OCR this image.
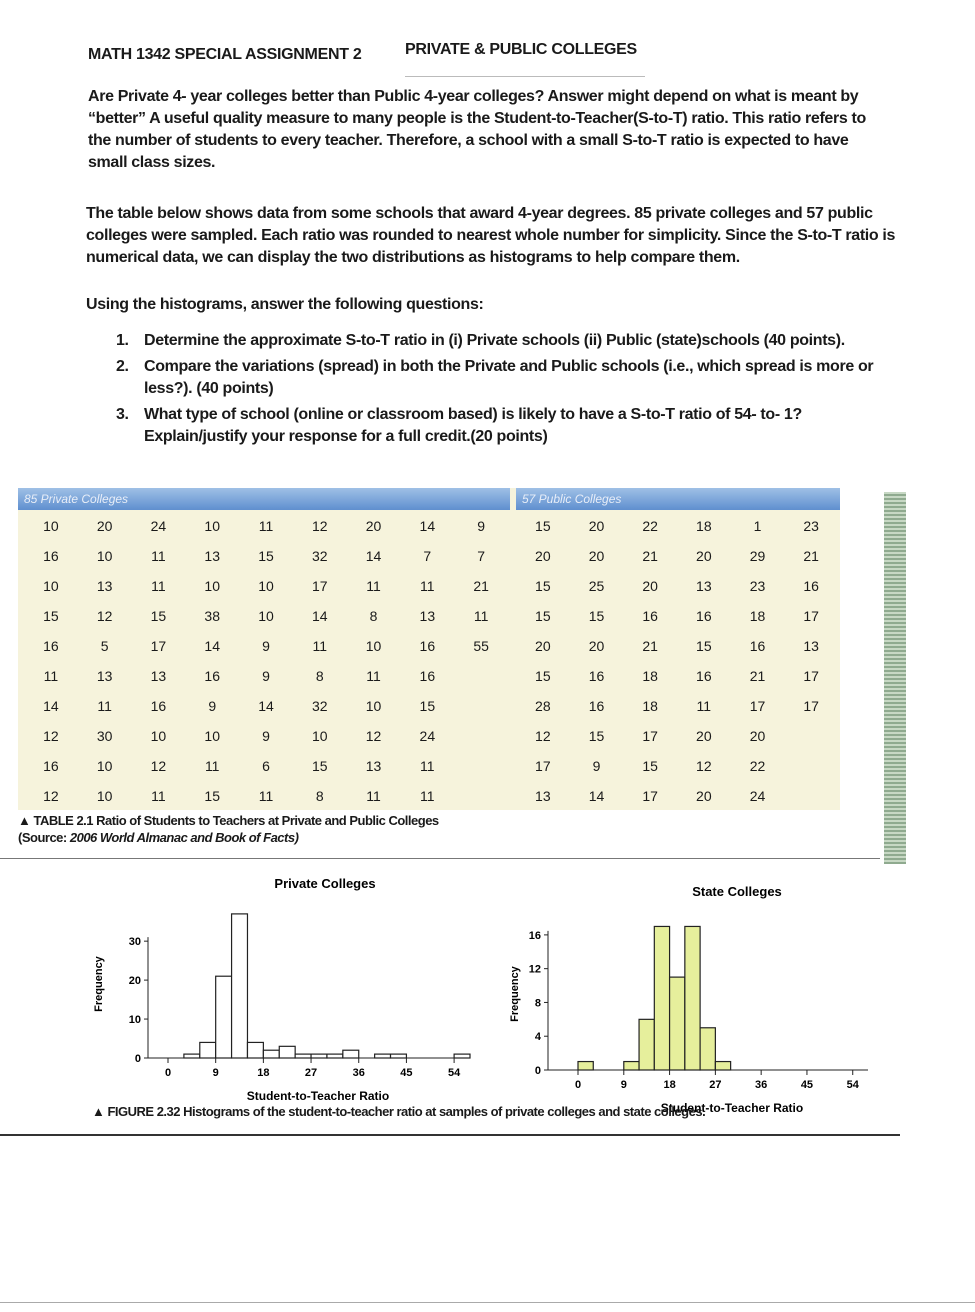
MATH 1342 SPECIAL ASSIGNMENT 2	PRIVATE & PUBLIC COLLEGES
Are Private 4- year colleges better than Public 4-year colleges? Answer might depend on what is meant by “better” A useful quality measure to many people is the Student-to-Teacher(S-to-T) ratio. This ratio refers to the number of students to every teacher. Therefore, a school with a small S-to-T ratio is expected to have small class sizes.
The table below shows data from some schools that award 4-year degrees. 85 private colleges and 57 public colleges were sampled. Each ratio was rounded to nearest whole number for simplicity. Since the S-to-T ratio is numerical data, we can display the two distributions as histograms to help compare them.
Using the histograms, answer the following questions:
1. Determine the approximate S-to-T ratio in (i) Private schools (ii) Public (state)schools (40 points).
2. Compare the variations (spread) in both the Private and Public schools (i.e., which spread is more or less?). (40 points)
3. What type of school (online or classroom based) is likely to have a S-to-T ratio of 54- to- 1? Explain/justify your response for a full credit.(20 points)
85 Private Colleges	57 Public Colleges
10	20	24	10	11	12	20	14	9
16	10	11	13	15	32	14	7	7
10	13	11	10	10	17	11	11	21
15	12	15	38	10	14	8	13	11
16	5	17	14	9	11	10	16	55
11	13	13	16	9	8	11	16
14	11	16	9	14	32	10	15
12	30	10	10	9	10	12	24
16	10	12	11	6	15	13	11
12	10	11	15	11	8	11	11
15	20	22	18	1	23
20	20	21	20	29	21
15	25	20	13	23	16
15	15	16	16	18	17
20	20	21	15	16	13
15	16	18	16	21	17
28	16	18	11	17	17
12	15	17	20	20
17	9	15	12	22
13	14	17	20	24
▲ TABLE 2.1 Ratio of Students to Teachers at Private and Public Colleges
(Source: 2006 World Almanac and Book of Facts)
Private Colleges
0
10
20
30
Frequency
0	9	18	27	36	45	54
Student-to-Teacher Ratio
State Colleges
0
4
8
12
16
Frequency
0	9	18	27	36	45	54
Student-to-Teacher Ratio
▲ FIGURE 2.32 Histograms of the student-to-teacher ratio at samples of private colleges and state colleges.
